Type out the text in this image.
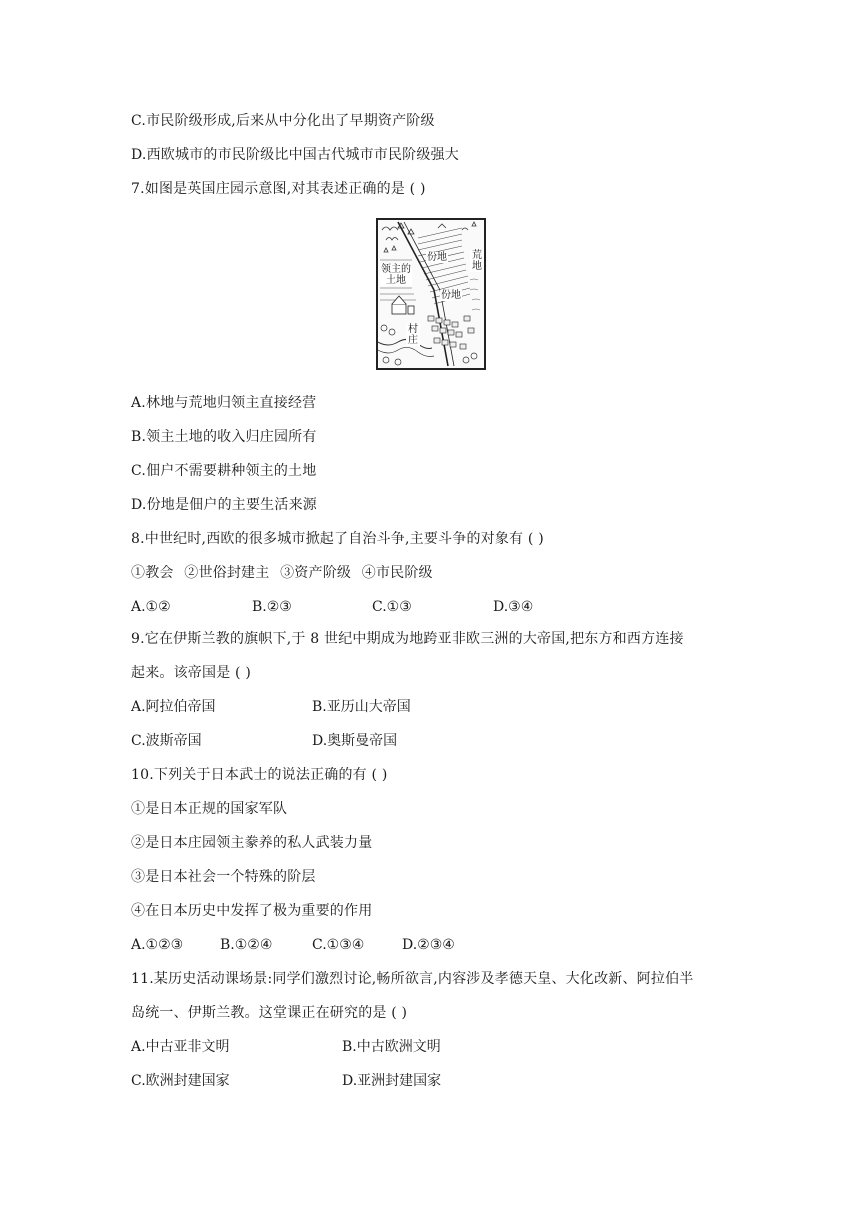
C.市民阶级形成,后来从中分化出了早期资产阶级
D.西欧城市的市民阶级比中国古代城市市民阶级强大
7.如图是英国庄园示意图,对其表述正确的是 ( )
领主的
土地
份地
份地
荒
地
村
庄
A.林地与荒地归领主直接经营
B.领主土地的收入归庄园所有
C.佃户不需要耕种领主的土地
D.份地是佃户的主要生活来源
8.中世纪时,西欧的很多城市掀起了自治斗争,主要斗争的对象有 ( )
①教会 ②世俗封建主 ③资产阶级 ④市民阶级
A.①②	B.②③	C.①③	D.③④
9.它在伊斯兰教的旗帜下,于 8 世纪中期成为地跨亚非欧三洲的大帝国,把东方和西方连接
起来。该帝国是 ( )
A.阿拉伯帝国	B.亚历山大帝国
C.波斯帝国	D.奥斯曼帝国
10.下列关于日本武士的说法正确的有 ( )
①是日本正规的国家军队
②是日本庄园领主豢养的私人武装力量
③是日本社会一个特殊的阶层
④在日本历史中发挥了极为重要的作用
A.①②③	B.①②④	C.①③④	D.②③④
11.某历史活动课场景:同学们激烈讨论,畅所欲言,内容涉及孝德天皇、大化改新、阿拉伯半
岛统一、伊斯兰教。这堂课正在研究的是 ( )
A.中古亚非文明	B.中古欧洲文明
C.欧洲封建国家	D.亚洲封建国家
